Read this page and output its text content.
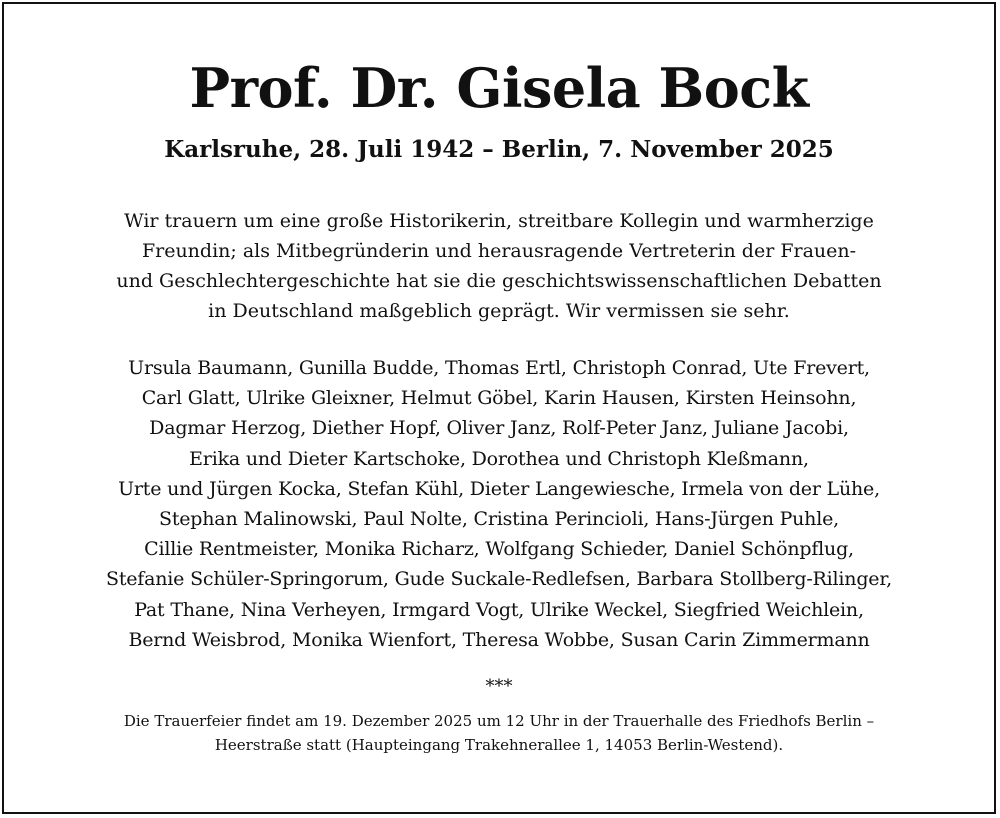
Prof. Dr. Gisela Bock
Karlsruhe, 28. Juli 1942 – Berlin, 7. November 2025

Wir trauern um eine große Historikerin, streitbare Kollegin und warmherzige
Freundin; als Mitbegründerin und herausragende Vertreterin der Frauen-
und Geschlechtergeschichte hat sie die geschichtswissenschaftlichen Debatten
in Deutschland maßgeblich geprägt. Wir vermissen sie sehr.

Ursula Baumann, Gunilla Budde, Thomas Ertl, Christoph Conrad, Ute Frevert,
Carl Glatt, Ulrike Gleixner, Helmut Göbel, Karin Hausen, Kirsten Heinsohn,
Dagmar Herzog, Diether Hopf, Oliver Janz, Rolf-Peter Janz, Juliane Jacobi,
Erika und Dieter Kartschoke, Dorothea und Christoph Kleßmann,
Urte und Jürgen Kocka, Stefan Kühl, Dieter Langewiesche, Irmela von der Lühe,
Stephan Malinowski, Paul Nolte, Cristina Perincioli, Hans-Jürgen Puhle,
Cillie Rentmeister, Monika Richarz, Wolfgang Schieder, Daniel Schönpflug,
Stefanie Schüler-Springorum, Gude Suckale-Redlefsen, Barbara Stollberg-Rilinger,
Pat Thane, Nina Verheyen, Irmgard Vogt, Ulrike Weckel, Siegfried Weichlein,
Bernd Weisbrod, Monika Wienfort, Theresa Wobbe, Susan Carin Zimmermann

***

Die Trauerfeier findet am 19. Dezember 2025 um 12 Uhr in der Trauerhalle des Friedhofs Berlin –
Heerstraße statt (Haupteingang Trakehnerallee 1, 14053 Berlin-Westend).
